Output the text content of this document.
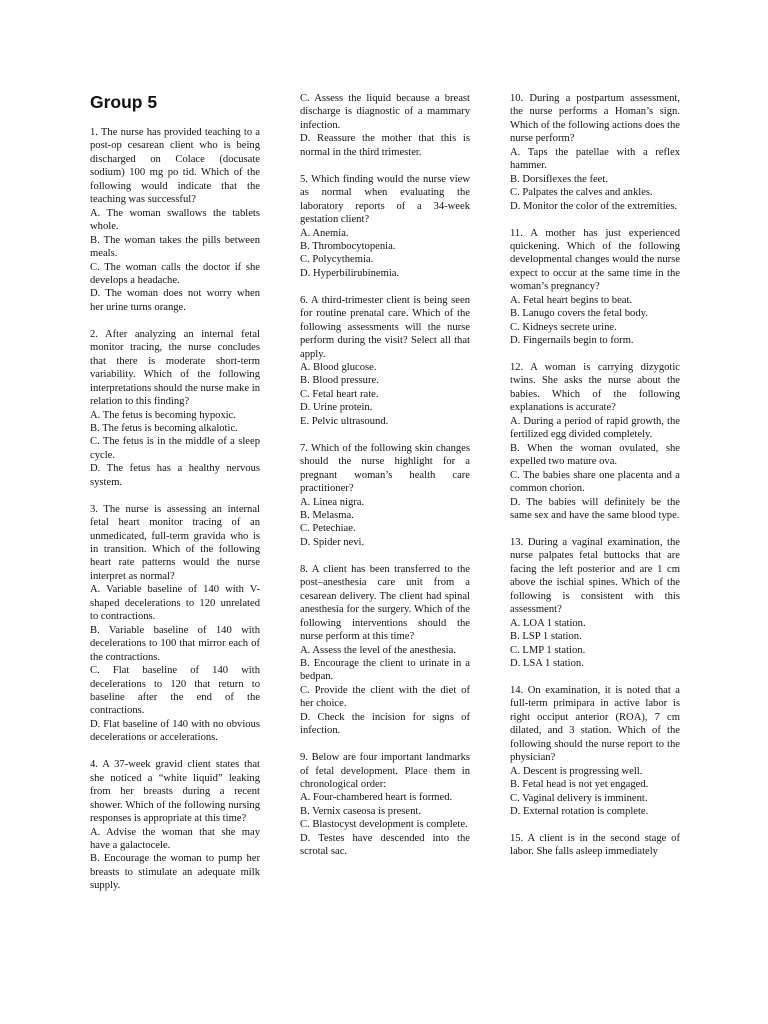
Group 5

1. The nurse has provided teaching to a post-op cesarean client who is being discharged on Colace (docusate sodium) 100 mg po tid. Which of the following would indicate that the teaching was successful?

A. The woman swallows the tablets whole.

B. The woman takes the pills between meals.

C. The woman calls the doctor if she develops a headache.

D. The woman does not worry when her urine turns orange.

2. After analyzing an internal fetal monitor tracing, the nurse concludes that there is moderate short-term variability. Which of the following interpretations should the nurse make in relation to this finding?

A. The fetus is becoming hypoxic.

B. The fetus is becoming alkalotic.

C. The fetus is in the middle of a sleep cycle.

D. The fetus has a healthy nervous system.

3. The nurse is assessing an internal fetal heart monitor tracing of an unmedicated, full-term gravida who is in transition. Which of the following heart rate patterns would the nurse interpret as normal?

A. Variable baseline of 140 with V-shaped decelerations to 120 unrelated to contractions.

B. Variable baseline of 140 with decelerations to 100 that mirror each of the contractions.

C. Flat baseline of 140 with decelerations to 120 that return to baseline after the end of the contractions.

D. Flat baseline of 140 with no obvious decelerations or accelerations.

4. A 37-week gravid client states that she noticed a “white liquid” leaking from her breasts during a recent shower. Which of the following nursing responses is appropriate at this time?

A. Advise the woman that she may have a galactocele.

B. Encourage the woman to pump her breasts to stimulate an adequate milk supply.

C. Assess the liquid because a breast discharge is diagnostic of a mammary infection.

D. Reassure the mother that this is normal in the third trimester.

5. Which finding would the nurse view as normal when evaluating the laboratory reports of a 34-week gestation client?

A. Anemia.

B. Thrombocytopenia.

C. Polycythemia.

D. Hyperbilirubinemia.

6. A third-trimester client is being seen for routine prenatal care. Which of the following assessments will the nurse perform during the visit? Select all that apply.

A. Blood glucose.

B. Blood pressure.

C. Fetal heart rate.

D. Urine protein.

E. Pelvic ultrasound.

7. Which of the following skin changes should the nurse highlight for a pregnant woman’s health care practitioner?

A. Linea nigra.

B. Melasma.

C. Petechiae.

D. Spider nevi.

8. A client has been transferred to the post–anesthesia care unit from a cesarean delivery. The client had spinal anesthesia for the surgery. Which of the following interventions should the nurse perform at this time?

A. Assess the level of the anesthesia.

B. Encourage the client to urinate in a bedpan.

C. Provide the client with the diet of her choice.

D. Check the incision for signs of infection.

9. Below are four important landmarks of fetal development. Place them in chronological order:

A. Four-chambered heart is formed.

B. Vernix caseosa is present.

C. Blastocyst development is complete.

D. Testes have descended into the scrotal sac.

10. During a postpartum assessment, the nurse performs a Homan’s sign. Which of the following actions does the nurse perform?

A. Taps the patellae with a reflex hammer.

B. Dorsiflexes the feet.

C. Palpates the calves and ankles.

D. Monitor the color of the extremities.

11. A mother has just experienced quickening. Which of the following developmental changes would the nurse expect to occur at the same time in the woman’s pregnancy?

A. Fetal heart begins to beat.

B. Lanugo covers the fetal body.

C. Kidneys secrete urine.

D. Fingernails begin to form.

12. A woman is carrying dizygotic twins. She asks the nurse about the babies. Which of the following explanations is accurate?

A. During a period of rapid growth, the fertilized egg divided completely.

B. When the woman ovulated, she expelled two mature ova.

C. The babies share one placenta and a common chorion.

D. The babies will definitely be the same sex and have the same blood type.

13. During a vaginal examination, the nurse palpates fetal buttocks that are facing the left posterior and are 1 cm above the ischial spines. Which of the following is consistent with this assessment?

A. LOA 1 station.

B. LSP 1 station.

C. LMP 1 station.

D. LSA 1 station.

14. On examination, it is noted that a full-term primipara in active labor is right occiput anterior (ROA), 7 cm dilated, and 3 station. Which of the following should the nurse report to the physician?

A. Descent is progressing well.

B. Fetal head is not yet engaged.

C. Vaginal delivery is imminent.

D. External rotation is complete.

15. A client is in the second stage of labor. She falls asleep immediately
